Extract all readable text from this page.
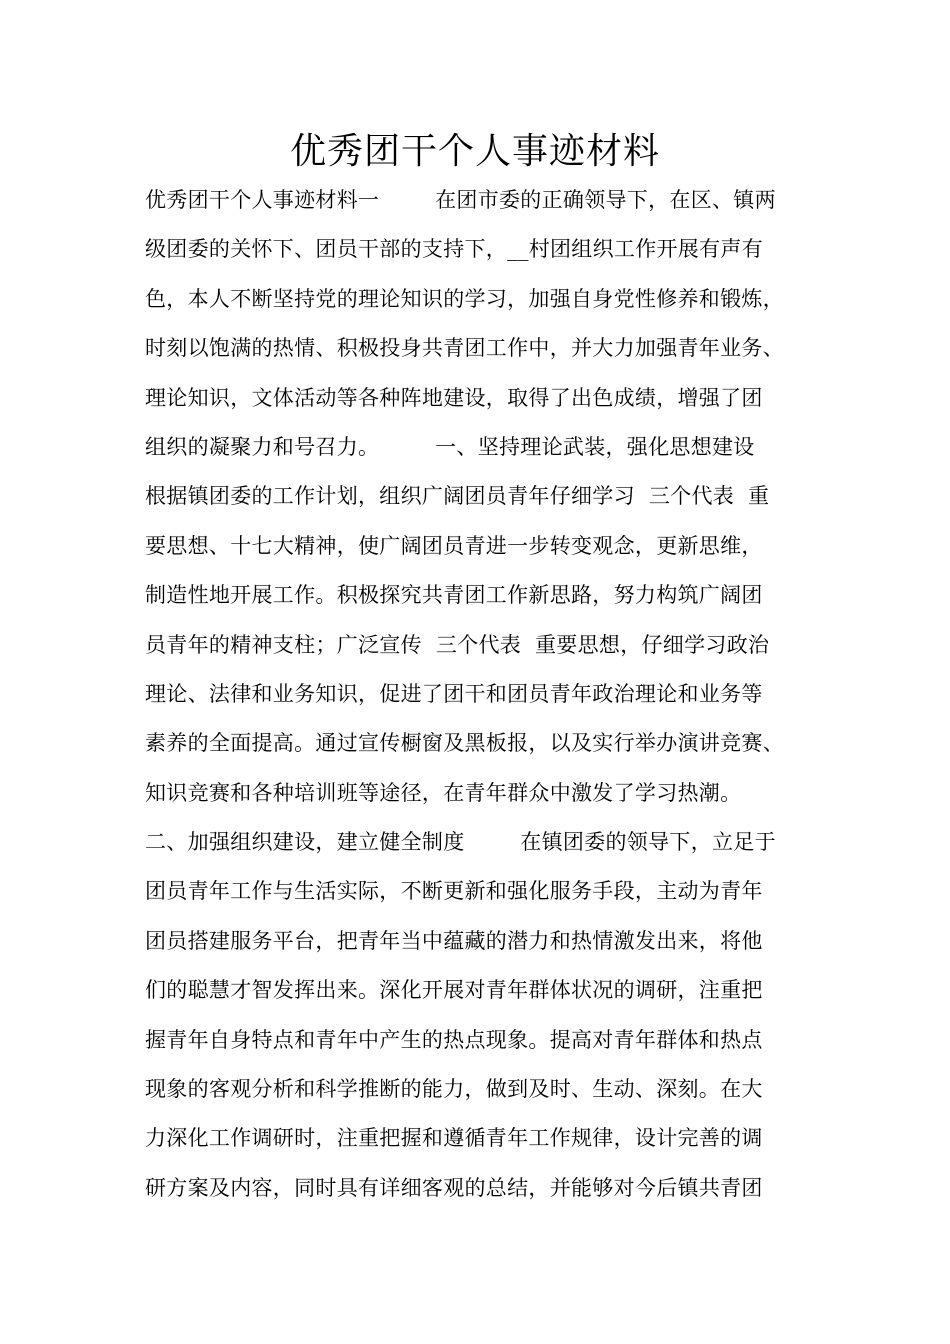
优秀团干个人事迹材料
优秀团干个人事迹材料一        在团市委的正确领导下，在区、镇两
级团委的关怀下、团员干部的支持下，__村团组织工作开展有声有
色，本人不断坚持党的理论知识的学习，加强自身党性修养和锻炼，
时刻以饱满的热情、积极投身共青团工作中，并大力加强青年业务、
理论知识，文体活动等各种阵地建设，取得了出色成绩，增强了团
组织的凝聚力和号召力。        一、坚持理论武装，强化思想建设
根据镇团委的工作计划，组织广阔团员青年仔细学习  三个代表  重
要思想、十七大精神，使广阔团员青进一步转变观念，更新思维，
制造性地开展工作。积极探究共青团工作新思路，努力构筑广阔团
员青年的精神支柱；广泛宣传  三个代表  重要思想，仔细学习政治
理论、法律和业务知识，促进了团干和团员青年政治理论和业务等
素养的全面提高。通过宣传橱窗及黑板报，以及实行举办演讲竞赛、
知识竞赛和各种培训班等途径，在青年群众中激发了学习热潮。
二、加强组织建设，建立健全制度        在镇团委的领导下，立足于
团员青年工作与生活实际，不断更新和强化服务手段，主动为青年
团员搭建服务平台，把青年当中蕴藏的潜力和热情激发出来，将他
们的聪慧才智发挥出来。深化开展对青年群体状况的调研，注重把
握青年自身特点和青年中产生的热点现象。提高对青年群体和热点
现象的客观分析和科学推断的能力，做到及时、生动、深刻。在大
力深化工作调研时，注重把握和遵循青年工作规律，设计完善的调
研方案及内容，同时具有详细客观的总结，并能够对今后镇共青团
